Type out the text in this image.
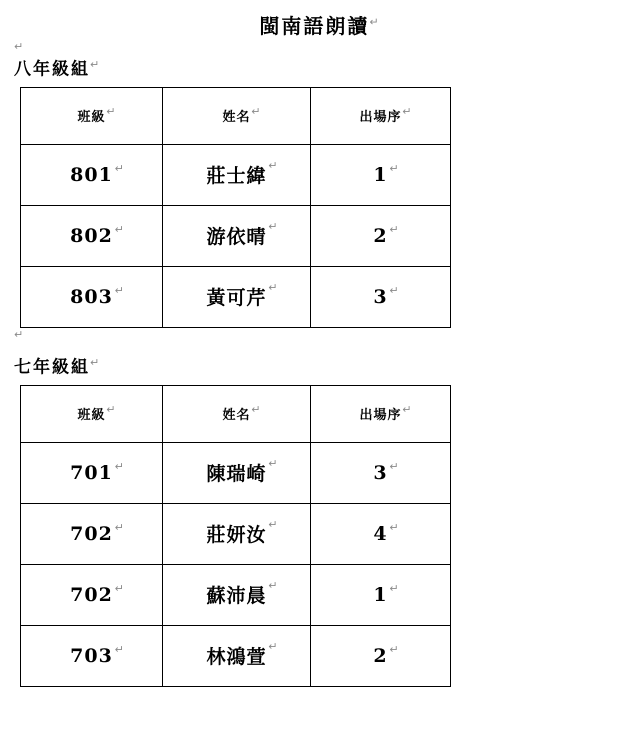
閩南語朗讀↵
↵
八年級組↵
班級 ↵	姓名 ↵	出場序 ↵

801 ↵	莊士緯 ↵	1 ↵

802 ↵	游依晴 ↵	2 ↵

803 ↵	黃可芹 ↵	3 ↵
↵
七年級組↵
班級 ↵	姓名 ↵	出場序 ↵

701 ↵	陳瑞崎 ↵	3 ↵

702 ↵	莊妍汝 ↵	4 ↵

702 ↵	蘇沛晨 ↵	1 ↵

703 ↵	林鴻萱 ↵	2 ↵
